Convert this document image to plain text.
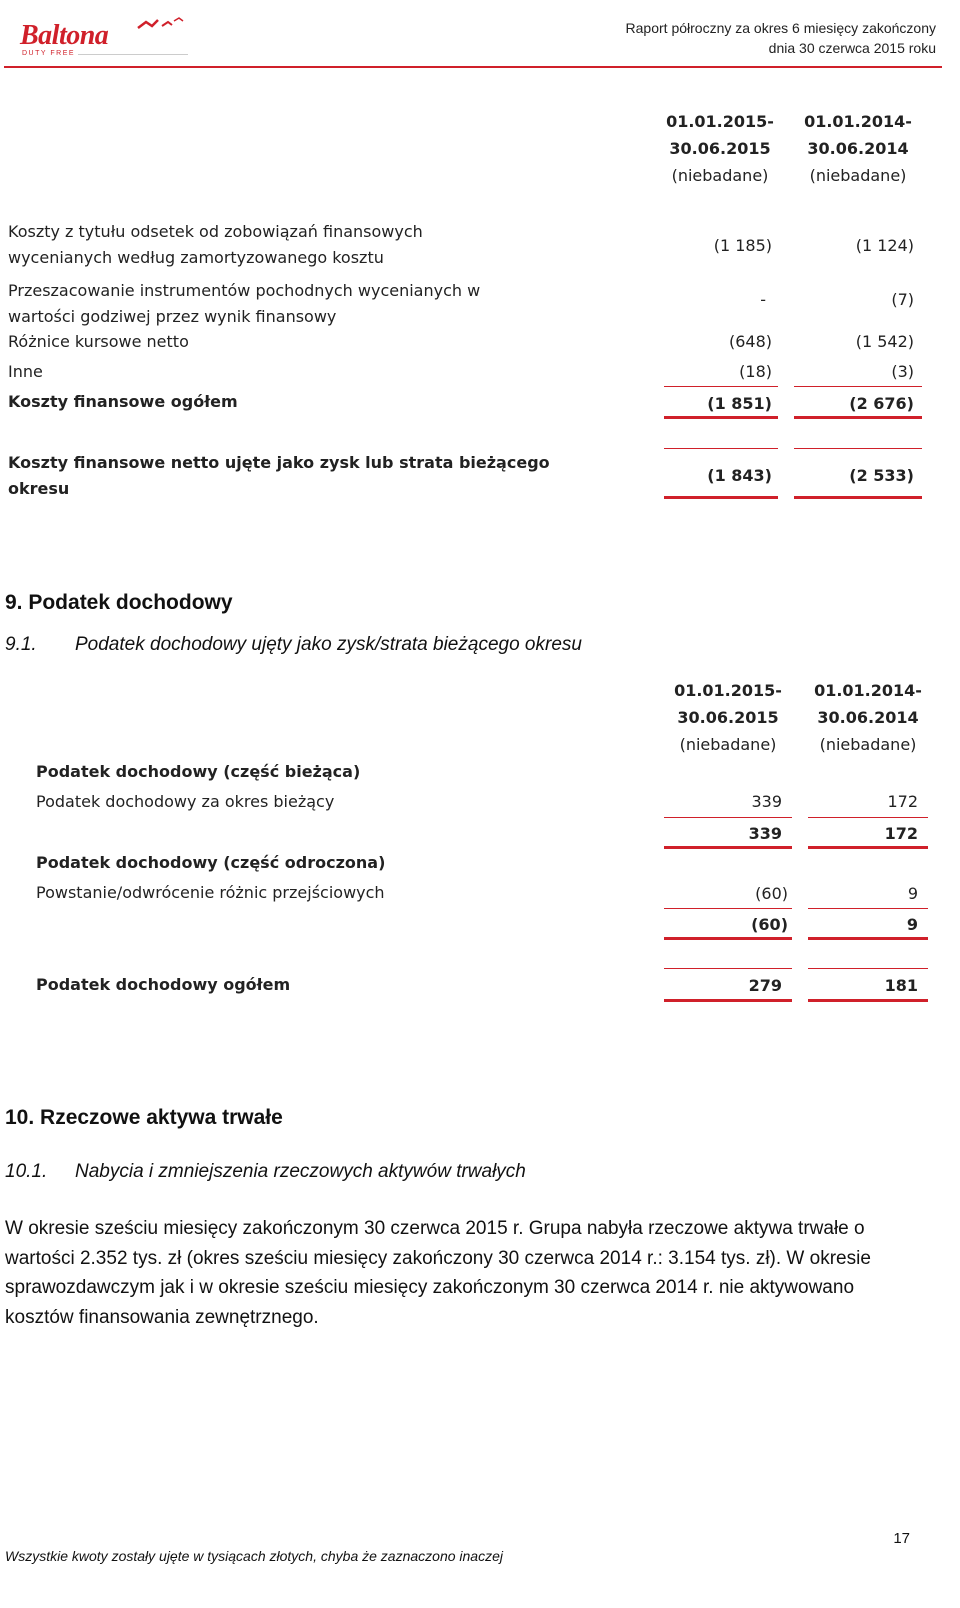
Baltona
DUTY FREE
Raport półroczny za okres 6 miesięcy zakończony
dnia 30 czerwca 2015 roku
01.01.2015-
30.06.2015
(niebadane)
01.01.2014-
30.06.2014
(niebadane)
Koszty z tytułu odsetek od zobowiązań finansowych
wycenianych według zamortyzowanego kosztu
(1 185)	(1 124)
Przeszacowanie instrumentów pochodnych wycenianych w
wartości godziwej przez wynik finansowy
-	(7)
Różnice kursowe netto	(648)	(1 542)
Inne	(18)	(3)
Koszty finansowe ogółem	(1 851)	(2 676)
Koszty finansowe netto ujęte jako zysk lub strata bieżącego
okresu
(1 843)	(2 533)
9. Podatek dochodowy
9.1. Podatek dochodowy ujęty jako zysk/strata bieżącego okresu
01.01.2015-
30.06.2015
(niebadane)
01.01.2014-
30.06.2014
(niebadane)
Podatek dochodowy (część bieżąca)
Podatek dochodowy za okres bieżący	339	172
339	172
Podatek dochodowy (część odroczona)
Powstanie/odwrócenie różnic przejściowych	(60)	9
(60)	9
Podatek dochodowy ogółem	279	181
10. Rzeczowe aktywa trwałe
10.1. Nabycia i zmniejszenia rzeczowych aktywów trwałych
W okresie sześciu miesięcy zakończonym 30 czerwca 2015 r. Grupa nabyła rzeczowe aktywa trwałe o wartości 2.352 tys. zł (okres sześciu miesięcy zakończony 30 czerwca 2014 r.: 3.154 tys. zł). W okresie sprawozdawczym jak i w okresie sześciu miesięcy zakończonym 30 czerwca 2014 r. nie aktywowano kosztów finansowania zewnętrznego.
17
Wszystkie kwoty zostały ujęte w tysiącach złotych, chyba że zaznaczono inaczej
